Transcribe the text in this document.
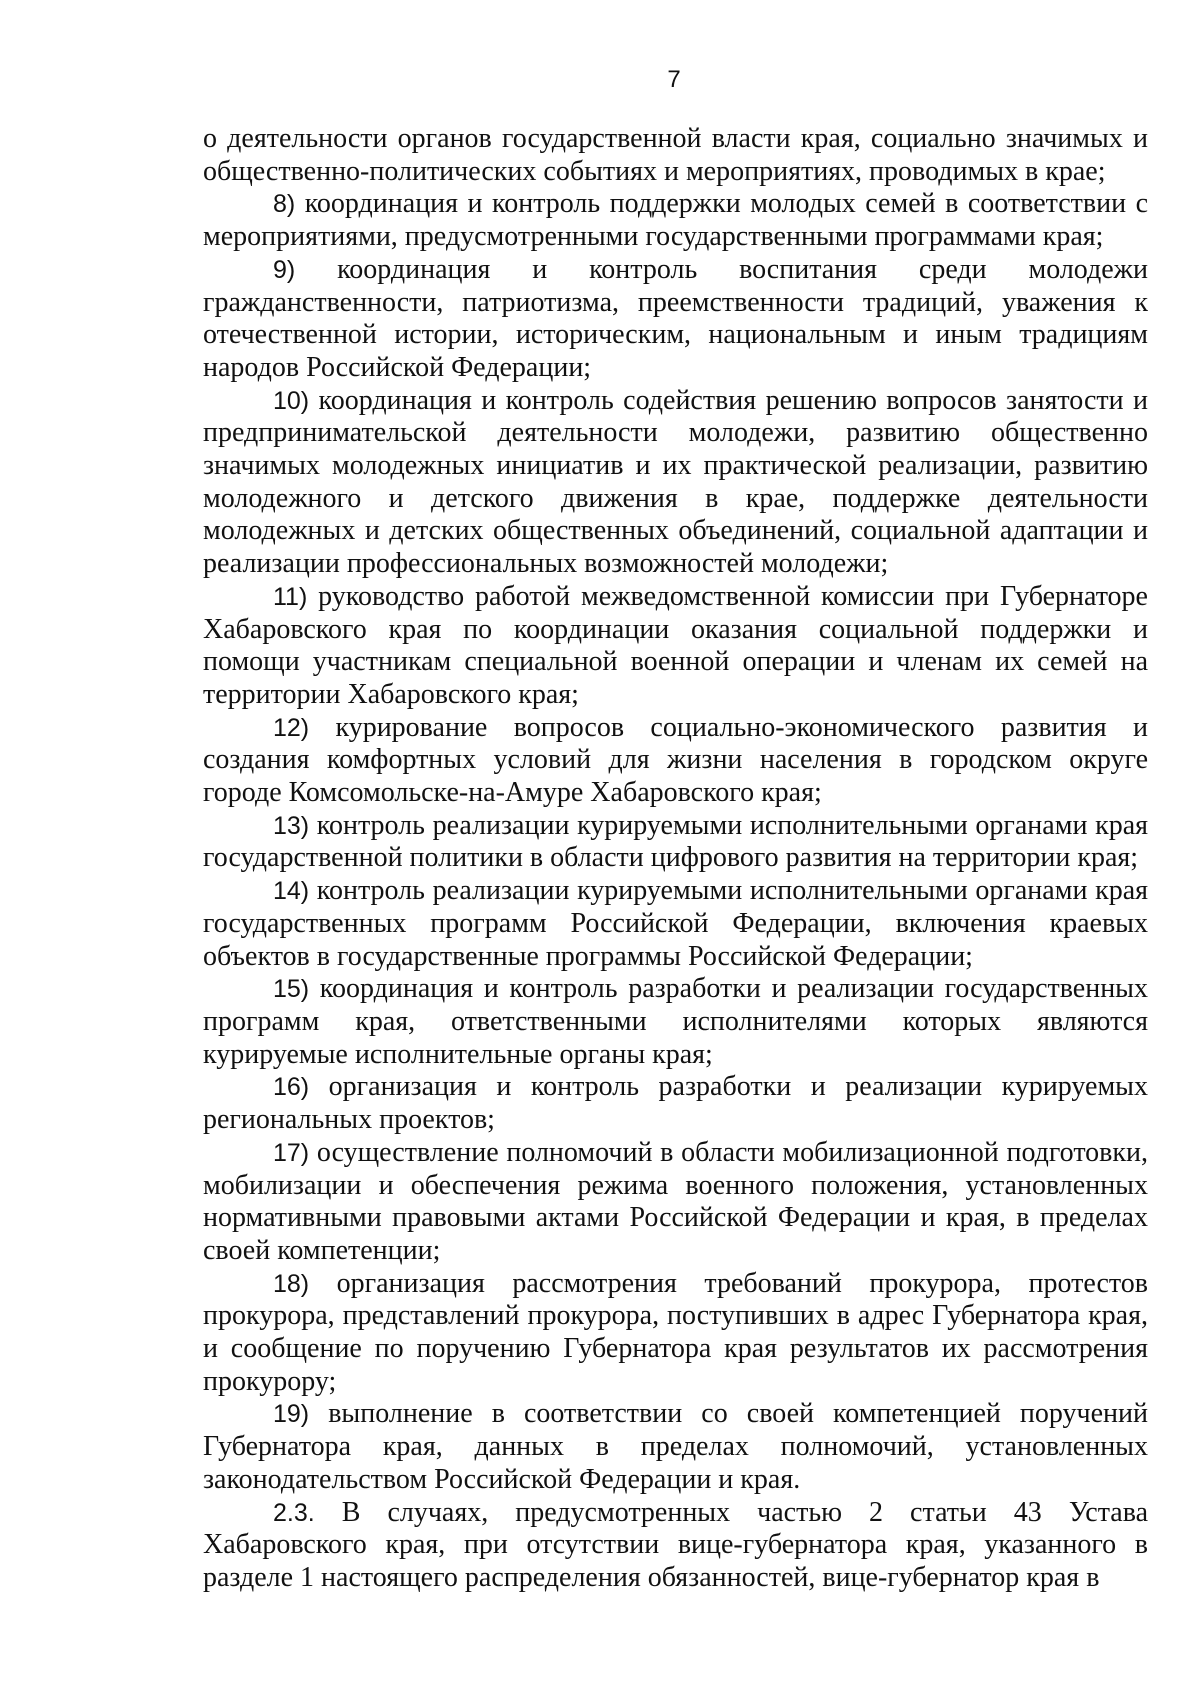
7

о деятельности органов государственной власти края, социально значимых и общественно-политических событиях и мероприятиях, проводимых в крае;

8) координация и контроль поддержки молодых семей в соответствии с мероприятиями, предусмотренными государственными программами края;

9) координация и контроль воспитания среди молодежи гражданственности, патриотизма, преемственности традиций, уважения к отечественной истории, историческим, национальным и иным традициям народов Российской Федерации;

10) координация и контроль содействия решению вопросов занятости и предпринимательской деятельности молодежи, развитию общественно значимых молодежных инициатив и их практической реализации, развитию молодежного и детского движения в крае, поддержке деятельности молодежных и детских общественных объединений, социальной адаптации и реализации профессиональных возможностей молодежи;

11) руководство работой межведомственной комиссии при Губернаторе Хабаровского края по координации оказания социальной поддержки и помощи участникам специальной военной операции и членам их семей на территории Хабаровского края;

12) курирование вопросов социально-экономического развития и создания комфортных условий для жизни населения в городском округе городе Комсомольске-на-Амуре Хабаровского края;

13) контроль реализации курируемыми исполнительными органами края государственной политики в области цифрового развития на территории края;

14) контроль реализации курируемыми исполнительными органами края государственных программ Российской Федерации, включения краевых объектов в государственные программы Российской Федерации;

15) координация и контроль разработки и реализации государственных программ края, ответственными исполнителями которых являются курируемые исполнительные органы края;

16) организация и контроль разработки и реализации курируемых региональных проектов;

17) осуществление полномочий в области мобилизационной подготовки, мобилизации и обеспечения режима военного положения, установленных нормативными правовыми актами Российской Федерации и края, в пределах своей компетенции;

18) организация рассмотрения требований прокурора, протестов прокурора, представлений прокурора, поступивших в адрес Губернатора края, и сообщение по поручению Губернатора края результатов их рассмотрения прокурору;

19) выполнение в соответствии со своей компетенцией поручений Губернатора края, данных в пределах полномочий, установленных законодательством Российской Федерации и края.

2.3. В случаях, предусмотренных частью 2 статьи 43 Устава Хабаровского края, при отсутствии вице-губернатора края, указанного в разделе 1 настоящего распределения обязанностей, вице-губернатор края в
